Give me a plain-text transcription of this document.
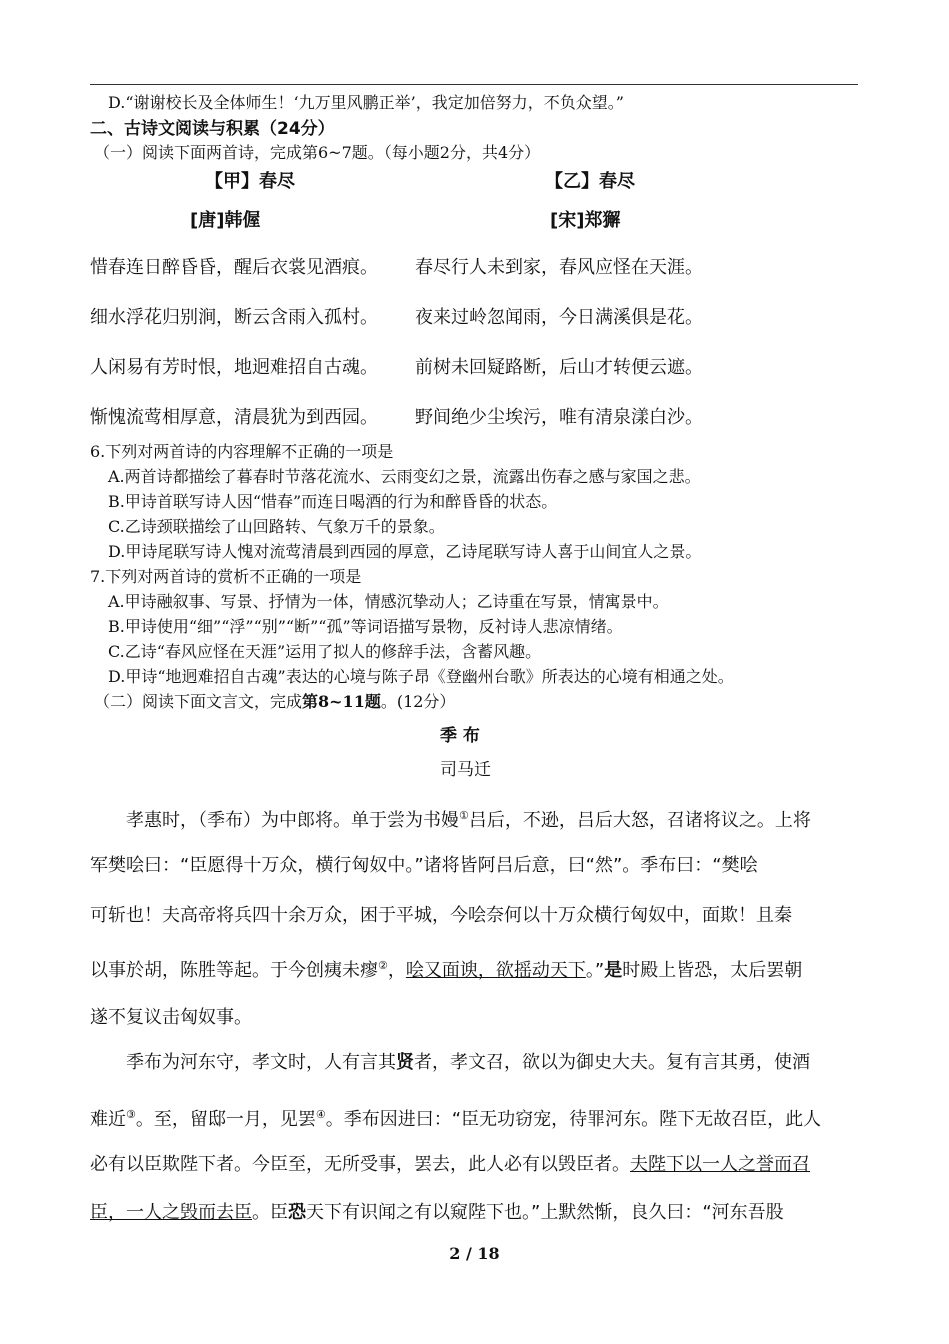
D.“谢谢校长及全体师生！‘九万里风鹏正举’，我定加倍努力，不负众望。”
二、古诗文阅读与积累（24分）
（一）阅读下面两首诗，完成第6~7题。（每小题2分，共4分）
【甲】春尽	【乙】春尽
[唐]韩偓	[宋]郑獬
惜春连日醉昏昏，醒后衣裳见酒痕。 春尽行人未到家，春风应怪在天涯。
细水浮花归别涧，断云含雨入孤村。 夜来过岭忽闻雨，今日满溪俱是花。
人闲易有芳时恨，地迥难招自古魂。 前树未回疑路断，后山才转便云遮。
惭愧流莺相厚意，清晨犹为到西园。 野间绝少尘埃污，唯有清泉漾白沙。
6.下列对两首诗的内容理解不正确的一项是
A.两首诗都描绘了暮春时节落花流水、云雨变幻之景，流露出伤春之感与家国之悲。
B.甲诗首联写诗人因“惜春”而连日喝酒的行为和醉昏昏的状态。
C.乙诗颈联描绘了山回路转、气象万千的景象。
D.甲诗尾联写诗人愧对流莺清晨到西园的厚意，乙诗尾联写诗人喜于山间宜人之景。
7.下列对两首诗的赏析不正确的一项是
A.甲诗融叙事、写景、抒情为一体，情感沉挚动人；乙诗重在写景，情寓景中。
B.甲诗使用“细”“浮”“别”“断”“孤”等词语描写景物，反衬诗人悲凉情绪。
C.乙诗“春风应怪在天涯”运用了拟人的修辞手法，含蓄风趣。
D.甲诗“地迥难招自古魂”表达的心境与陈子昂《登幽州台歌》所表达的心境有相通之处。
（二）阅读下面文言文，完成第8~11题。(12分）
季 布
司马迁
孝惠时，（季布）为中郎将。单于尝为书嫚①吕后，不逊，吕后大怒，召诸将议之。上将
军樊哙曰：“臣愿得十万众，横行匈奴中。”诸将皆阿吕后意，曰“然”。季布曰：“樊哙
可斩也！夫高帝将兵四十余万众，困于平城，今哙奈何以十万众横行匈奴中，面欺！且秦
以事於胡，陈胜等起。于今创痍未瘳②，哙又面谀，欲摇动天下。”是时殿上皆恐，太后罢朝
遂不复议击匈奴事。
季布为河东守，孝文时，人有言其贤者，孝文召，欲以为御史大夫。复有言其勇，使酒
难近③。至，留邸一月，见罢④。季布因进曰：“臣无功窃宠，待罪河东。陛下无故召臣，此人
必有以臣欺陛下者。今臣至，无所受事，罢去，此人必有以毁臣者。夫陛下以一人之誉而召
臣，一人之毁而去臣。臣恐天下有识闻之有以窥陛下也。”上默然惭，良久曰：“河东吾股
2 / 18
